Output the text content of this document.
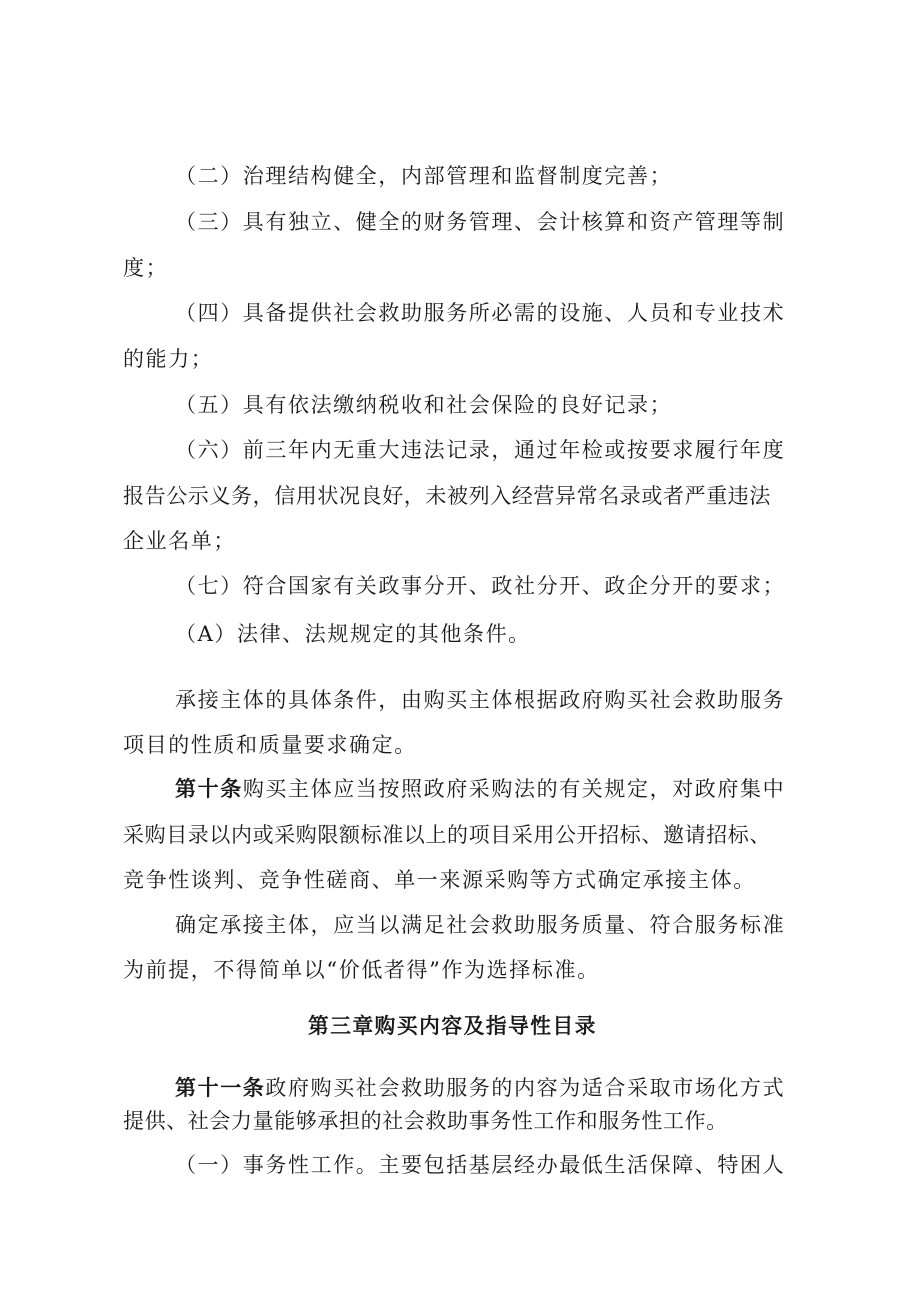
（二）治理结构健全，内部管理和监督制度完善；
（三）具有独立、健全的财务管理、会计核算和资产管理等制
度；
（四）具备提供社会救助服务所必需的设施、人员和专业技术
的能力；
（五）具有依法缴纳税收和社会保险的良好记录；
（六）前三年内无重大违法记录，通过年检或按要求履行年度
报告公示义务，信用状况良好，未被列入经营异常名录或者严重违法
企业名单；
（七）符合国家有关政事分开、政社分开、政企分开的要求；
（A）法律、法规规定的其他条件。
承接主体的具体条件，由购买主体根据政府购买社会救助服务
项目的性质和质量要求确定。
第十条购买主体应当按照政府采购法的有关规定，对政府集中
采购目录以内或采购限额标准以上的项目采用公开招标、邀请招标、
竞争性谈判、竞争性磋商、单一来源采购等方式确定承接主体。
确定承接主体，应当以满足社会救助服务质量、符合服务标准
为前提，不得简单以“价低者得”作为选择标准。
第三章购买内容及指导性目录
第十一条政府购买社会救助服务的内容为适合采取市场化方式
提供、社会力量能够承担的社会救助事务性工作和服务性工作。
（一）事务性工作。主要包括基层经办最低生活保障、特困人
